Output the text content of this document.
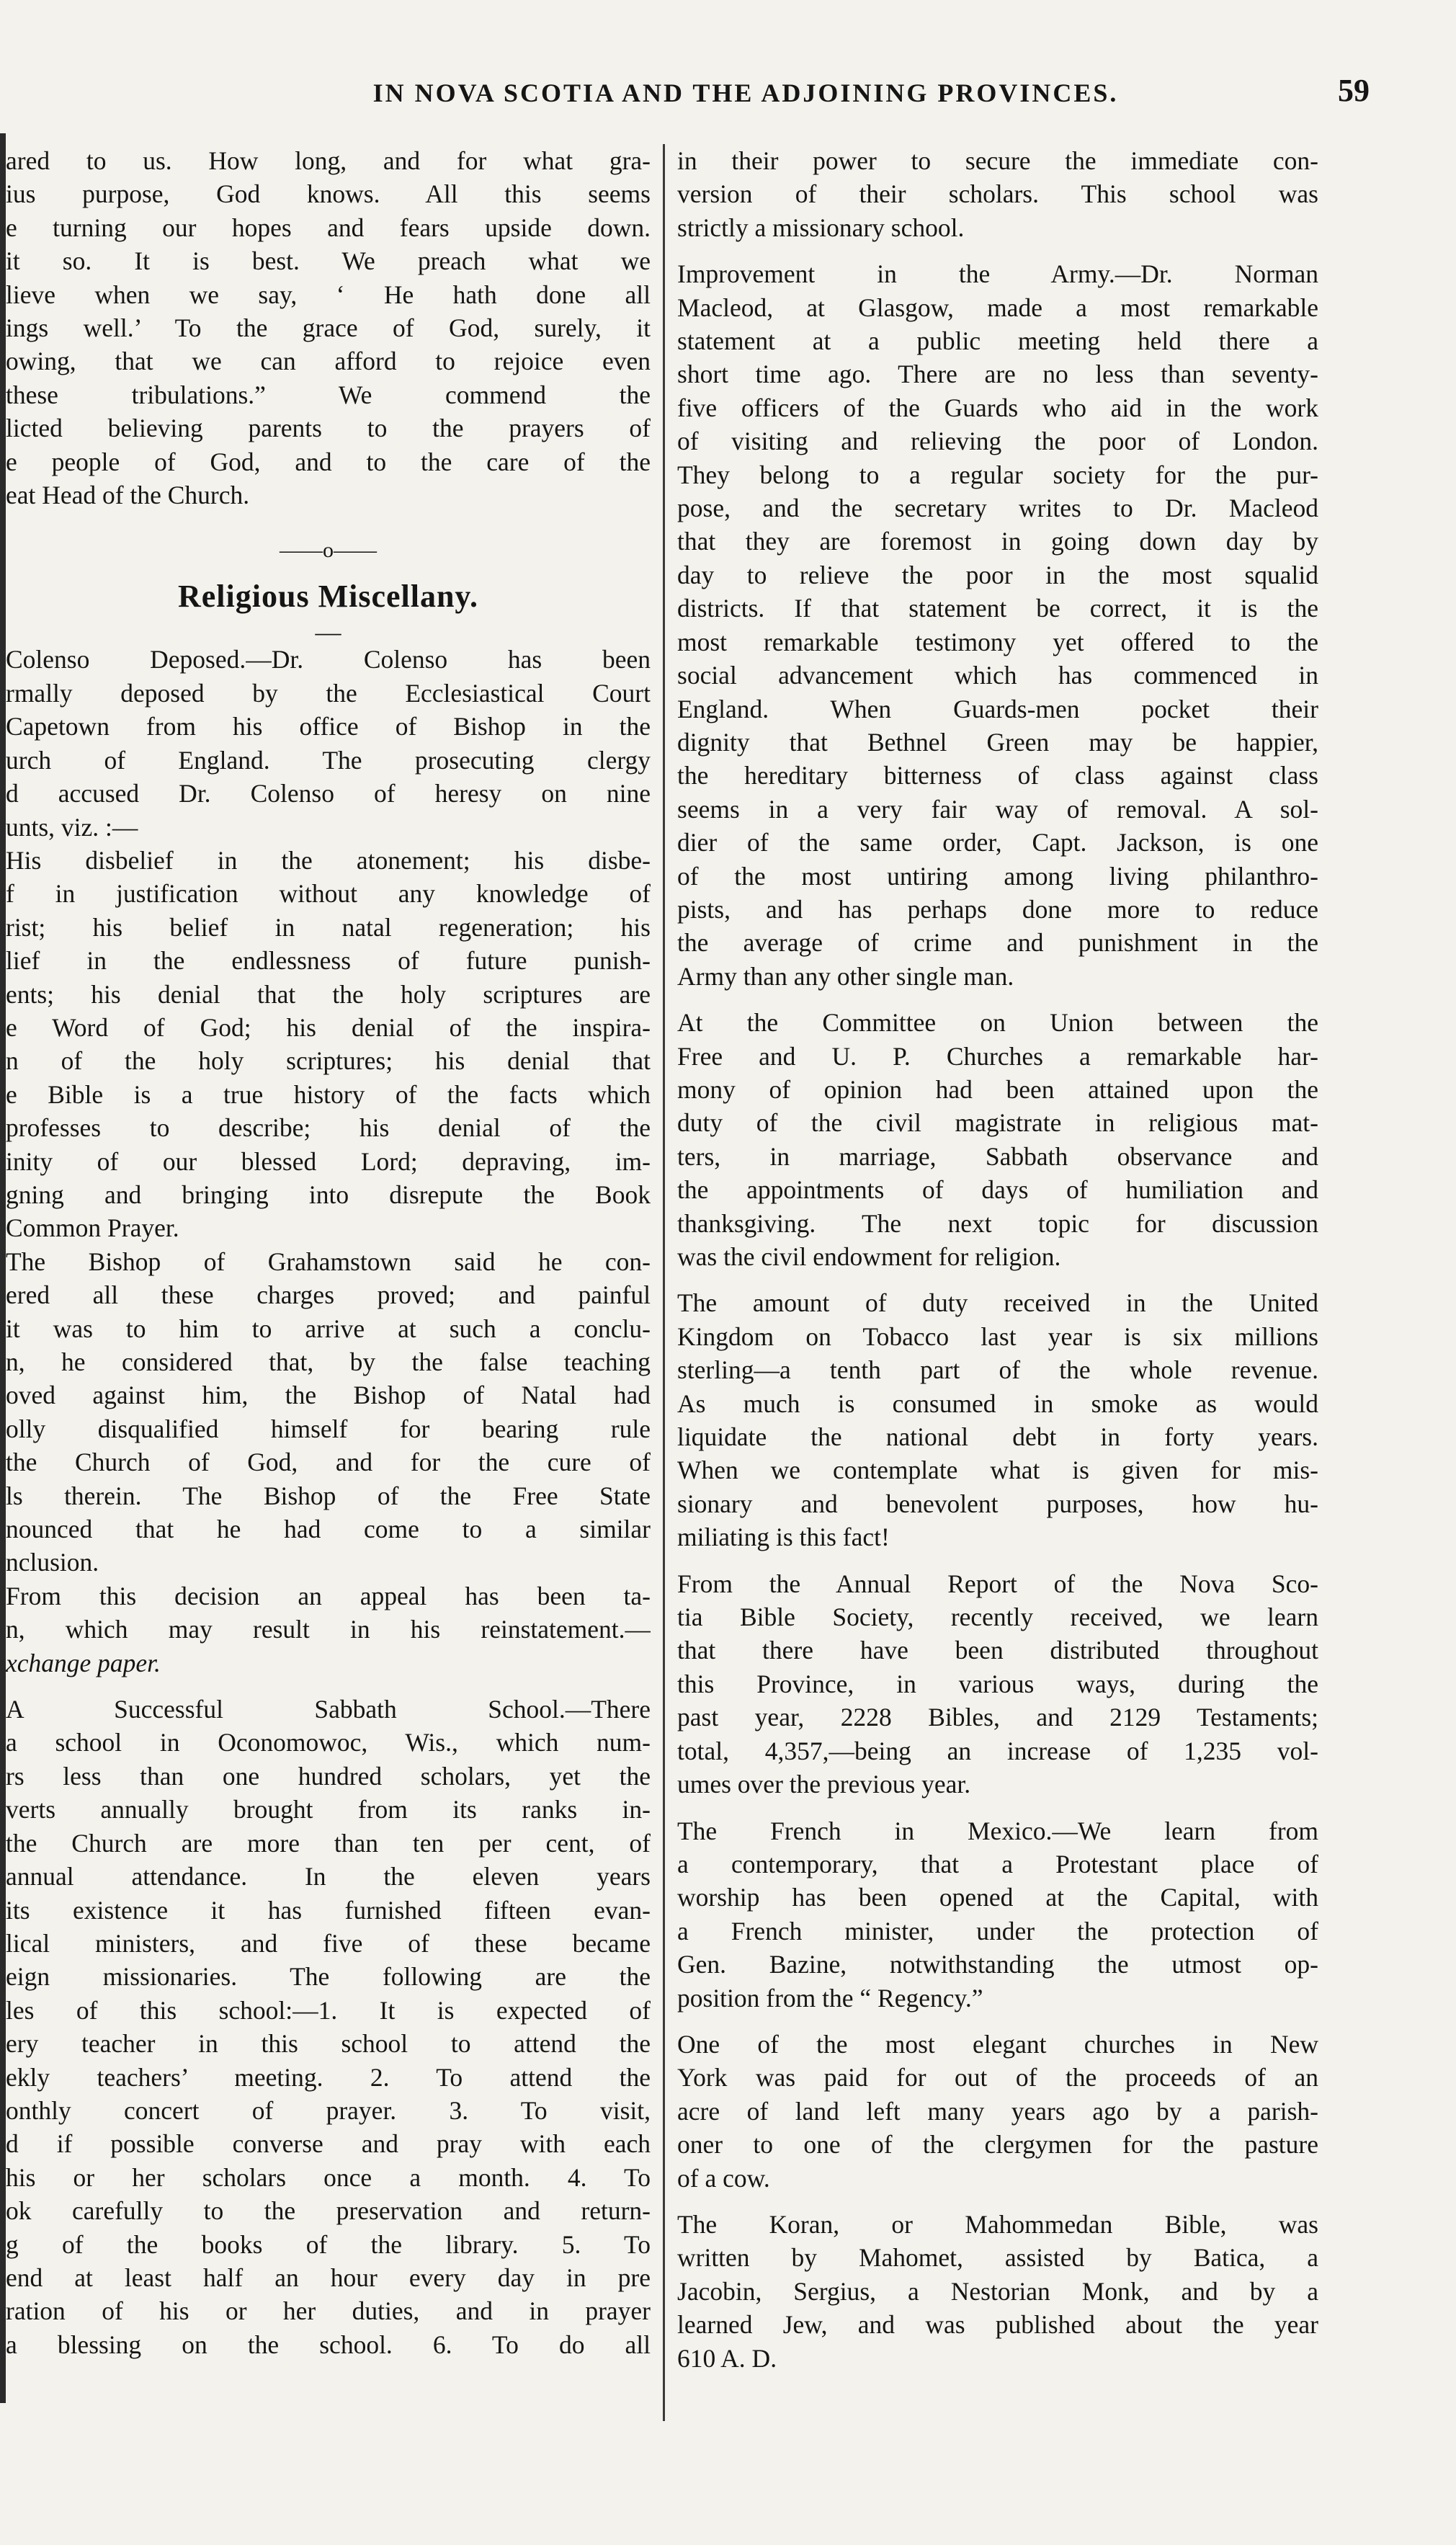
IN NOVA SCOTIA AND THE ADJOINING PROVINCES.	59
ared to us. How long, and for what gra-
ius purpose, God knows. All this seems
e turning our hopes and fears upside down.
it so. It is best. We preach what we
lieve when we say, ‘ He hath done all
ings well.’ To the grace of God, surely, it
owing, that we can afford to rejoice even
these tribulations.” We commend the
licted believing parents to the prayers of
e people of God, and to the care of the
eat Head of the Church.
——o——
Religious Miscellany.
—
Colenso Deposed.—Dr. Colenso has been
rmally deposed by the Ecclesiastical Court
Capetown from his office of Bishop in the
urch of England. The prosecuting clergy
d accused Dr. Colenso of heresy on nine
unts, viz. :—
His disbelief in the atonement; his disbe-
f in justification without any knowledge of
rist; his belief in natal regeneration; his
lief in the endlessness of future punish-
ents; his denial that the holy scriptures are
e Word of God; his denial of the inspira-
n of the holy scriptures; his denial that
e Bible is a true history of the facts which
professes to describe; his denial of the
inity of our blessed Lord; depraving, im-
gning and bringing into disrepute the Book
Common Prayer.
The Bishop of Grahamstown said he con-
ered all these charges proved; and painful
it was to him to arrive at such a conclu-
n, he considered that, by the false teaching
oved against him, the Bishop of Natal had
olly disqualified himself for bearing rule
the Church of God, and for the cure of
ls therein. The Bishop of the Free State
nounced that he had come to a similar
nclusion.
From this decision an appeal has been ta-
n, which may result in his reinstatement.—
xchange paper.
A Successful Sabbath School.—There
a school in Oconomowoc, Wis., which num-
rs less than one hundred scholars, yet the
verts annually brought from its ranks in-
the Church are more than ten per cent, of
annual attendance. In the eleven years
its existence it has furnished fifteen evan-
lical ministers, and five of these became
eign missionaries. The following are the
les of this school:—1. It is expected of
ery teacher in this school to attend the
ekly teachers’ meeting. 2. To attend the
onthly concert of prayer. 3. To visit,
d if possible converse and pray with each
his or her scholars once a month. 4. To
ok carefully to the preservation and return-
g of the books of the library. 5. To
end at least half an hour every day in pre
ration of his or her duties, and in prayer
a blessing on the school. 6. To do all
in their power to secure the immediate con-
version of their scholars. This school was
strictly a missionary school.
Improvement in the Army.—Dr. Norman
Macleod, at Glasgow, made a most remarkable
statement at a public meeting held there a
short time ago. There are no less than seventy-
five officers of the Guards who aid in the work
of visiting and relieving the poor of London.
They belong to a regular society for the pur-
pose, and the secretary writes to Dr. Macleod
that they are foremost in going down day by
day to relieve the poor in the most squalid
districts. If that statement be correct, it is the
most remarkable testimony yet offered to the
social advancement which has commenced in
England. When Guards-men pocket their
dignity that Bethnel Green may be happier,
the hereditary bitterness of class against class
seems in a very fair way of removal. A sol-
dier of the same order, Capt. Jackson, is one
of the most untiring among living philanthro-
pists, and has perhaps done more to reduce
the average of crime and punishment in the
Army than any other single man.
At the Committee on Union between the
Free and U. P. Churches a remarkable har-
mony of opinion had been attained upon the
duty of the civil magistrate in religious mat-
ters, in marriage, Sabbath observance and
the appointments of days of humiliation and
thanksgiving. The next topic for discussion
was the civil endowment for religion.
The amount of duty received in the United
Kingdom on Tobacco last year is six millions
sterling—a tenth part of the whole revenue.
As much is consumed in smoke as would
liquidate the national debt in forty years.
When we contemplate what is given for mis-
sionary and benevolent purposes, how hu-
miliating is this fact!
From the Annual Report of the Nova Sco-
tia Bible Society, recently received, we learn
that there have been distributed throughout
this Province, in various ways, during the
past year, 2228 Bibles, and 2129 Testaments;
total, 4,357,—being an increase of 1,235 vol-
umes over the previous year.
The French in Mexico.—We learn from
a contemporary, that a Protestant place of
worship has been opened at the Capital, with
a French minister, under the protection of
Gen. Bazine, notwithstanding the utmost op-
position from the “ Regency.”
One of the most elegant churches in New
York was paid for out of the proceeds of an
acre of land left many years ago by a parish-
oner to one of the clergymen for the pasture
of a cow.
The Koran, or Mahommedan Bible, was
written by Mahomet, assisted by Batica, a
Jacobin, Sergius, a Nestorian Monk, and by a
learned Jew, and was published about the year
610 A. D.
